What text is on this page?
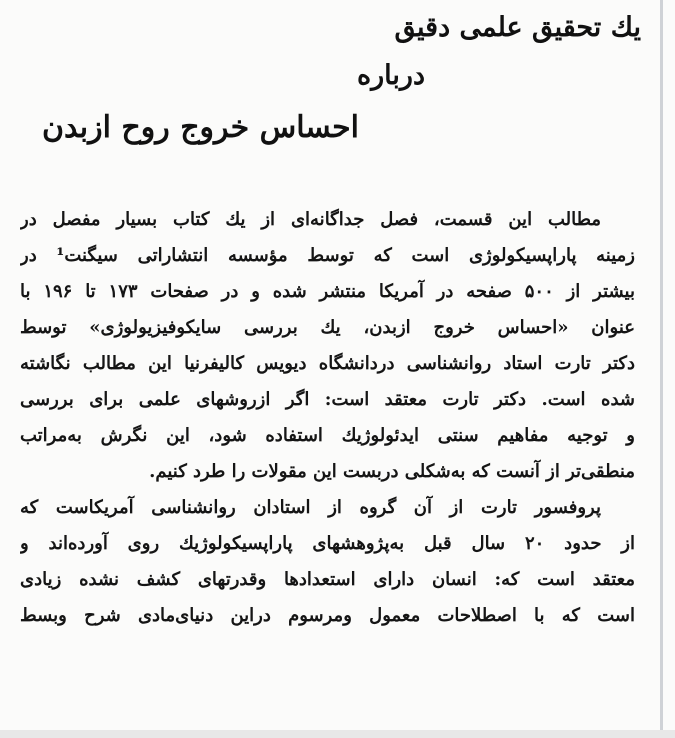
یك تحقیق علمی دقیق
درباره
احساس خروج روح ازبدن
مطالب این قسمت، فصل جداگانه‌ای از یك کتاب بسیار مفصل در
زمینه پاراپسیکولوژی است که توسط مؤسسه انتشاراتی سیگنت¹ در
بیشتر از ۵۰۰ صفحه در آمریکا منتشر شده و در صفحات ۱۷۳ تا ۱۹۶ با
عنوان «احساس خروج ازبدن، یك بررسی سایکوفیزیولوژی» توسط
دکتر تارت استاد روانشناسی دردانشگاه دیویس کالیفرنیا این مطالب نگاشته
شده است. دکتر تارت معتقد است: اگر ازروشهای علمی برای بررسی
و توجیه مفاهیم سنتی ایدئولوژیك استفاده شود، این نگرش به‌مراتب
منطقی‌تر از آنست که به‌شکلی دربست این مقولات را طرد کنیم.
پروفسور تارت از آن گروه از استادان روانشناسی آمریکاست که
از حدود ۲۰ سال قبل به‌پژوهشهای پاراپسیکولوژیك روی آورده‌اند و
معتقد است که: انسان دارای استعدادها وقدرتهای کشف نشده زیادی
است که با اصطلاحات معمول ومرسوم دراین دنیای‌مادی شرح وبسط
